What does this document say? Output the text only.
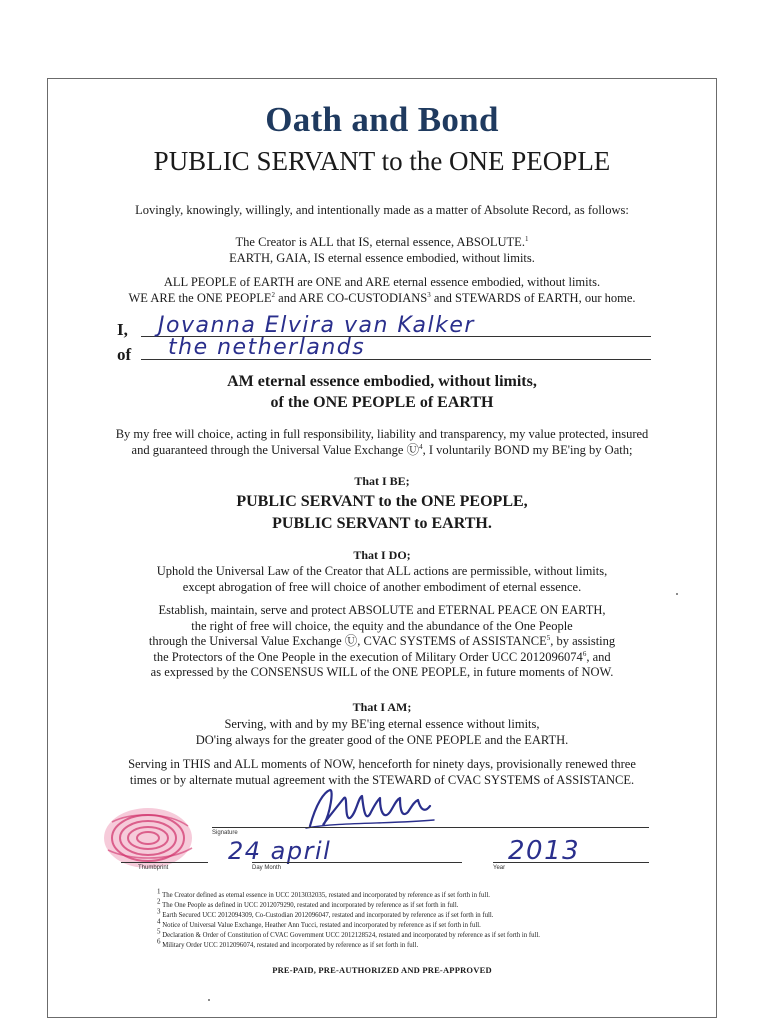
Oath and Bond
PUBLIC SERVANT to the ONE PEOPLE
Lovingly, knowingly, willingly, and intentionally made as a matter of Absolute Record, as follows:
The Creator is ALL that IS, eternal essence, ABSOLUTE.$^1$
EARTH, GAIA, IS eternal essence embodied, without limits.
ALL PEOPLE of EARTH are ONE and ARE eternal essence embodied, without limits.
WE ARE the ONE PEOPLE$^2$ and ARE CO-CUSTODIANS$^3$ and STEWARDS of EARTH, our home.
I, Jovanna Elvira van Kalker
of the netherlands
AM eternal essence embodied, without limits,
of the ONE PEOPLE of EARTH
By my free will choice, acting in full responsibility, liability and transparency, my value protected, insured
and guaranteed through the Universal Value Exchange Ⓤ$^4$, I voluntarily BOND my BE'ing by Oath;
That I BE;
PUBLIC SERVANT to the ONE PEOPLE,
PUBLIC SERVANT to EARTH.
That I DO;
Uphold the Universal Law of the Creator that ALL actions are permissible, without limits,
except abrogation of free will choice of another embodiment of eternal essence.
Establish, maintain, serve and protect ABSOLUTE and ETERNAL PEACE ON EARTH,
the right of free will choice, the equity and the abundance of the One People
through the Universal Value Exchange Ⓤ, CVAC SYSTEMS of ASSISTANCE$^5$, by assisting
the Protectors of the One People in the execution of Military Order UCC 2012096074$^6$, and
as expressed by the CONSENSUS WILL of the ONE PEOPLE, in future moments of NOW.
That I AM;
Serving, with and by my BE'ing eternal essence without limits,
DO'ing always for the greater good of the ONE PEOPLE and the EARTH.
Serving in THIS and ALL moments of NOW, henceforth for ninety days, provisionally renewed three
times or by alternate mutual agreement with the STEWARD of CVAC SYSTEMS of ASSISTANCE.
Signature
Thumbprint
24 april
Day Month
2013
Year
1 The Creator defined as eternal essence in UCC 2013032035, restated and incorporated by reference as if set forth in full.
2 The One People as defined in UCC 2012079290, restated and incorporated by reference as if set forth in full.
3 Earth Secured UCC 2012094309, Co-Custodian 2012096047, restated and incorporated by reference as if set forth in full.
4 Notice of Universal Value Exchange, Heather Ann Tucci, restated and incorporated by reference as if set forth in full.
5 Declaration & Order of Constitution of CVAC Government UCC 2012128524, restated and incorporated by reference as if set forth in full.
6 Military Order UCC 2012096074, restated and incorporated by reference as if set forth in full.
PRE-PAID, PRE-AUTHORIZED AND PRE-APPROVED
